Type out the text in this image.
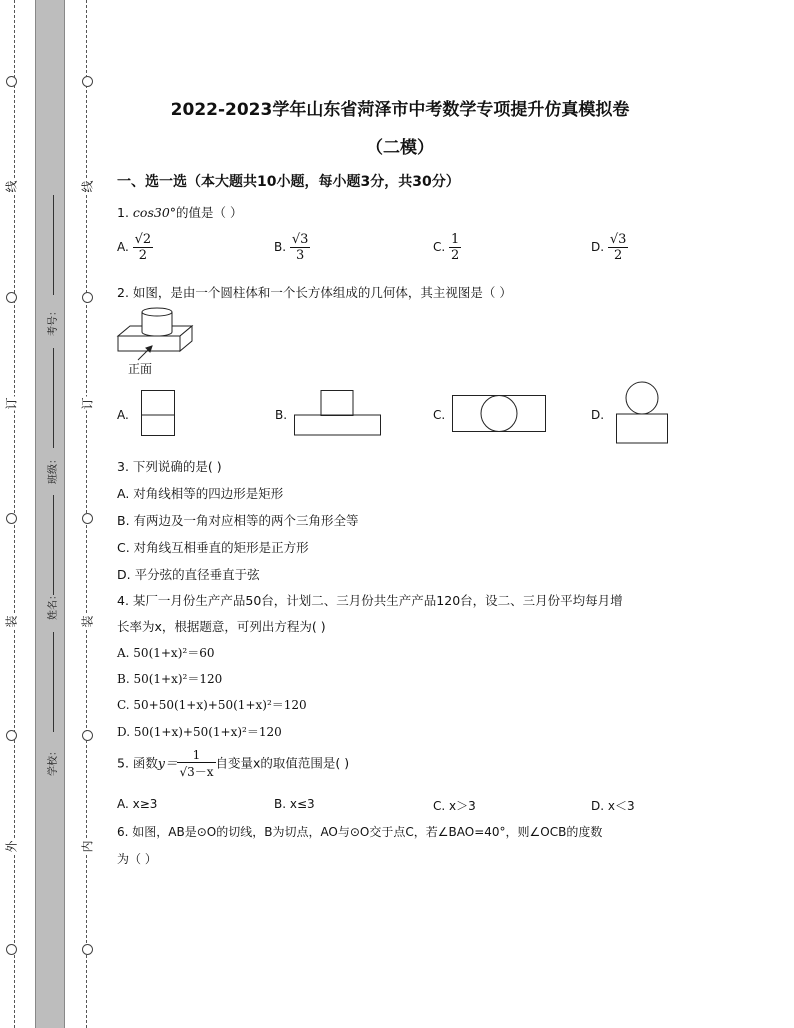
线
订
装
外
线
订
装
内
考号：
班级：
姓名：
学校：
2022-2023学年山东省菏泽市中考数学专项提升仿真模拟卷
（二模）
一、选一选（本大题共10小题，每小题3分，共30分）
1. cos30°的值是（ ）
A. $\frac{√2}{2}$	B. $\frac{√3}{3}$	C. $\frac{1}{2}$	D. $\frac{√3}{2}$
2. 如图，是由一个圆柱体和一个长方体组成的几何体，其主视图是（ ）
正面
A.	B.	C.	D.
3. 下列说确的是( )
A. 对角线相等的四边形是矩形
B. 有两边及一角对应相等的两个三角形全等
C. 对角线互相垂直的矩形是正方形
D. 平分弦的直径垂直于弦
4. 某厂一月份生产产品50台，计划二、三月份共生产产品120台，设二、三月份平均每月增
长率为x，根据题意，可列出方程为( )
A. 50(1+x)²＝60
B. 50(1+x)²＝120
C. 50+50(1+x)+50(1+x)²＝120
D. 50(1+x)+50(1+x)²＝120
5. 函数$y= \frac{1}{√3-x}$ 自变量x的取值范围是( )
A. x≥3	B. x≤3	C. x＞3	D. x＜3
6. 如图，AB是⊙O的切线，B为切点，AO与⊙O交于点C，若∠BAO=40°，则∠OCB的度数
为（ ）
